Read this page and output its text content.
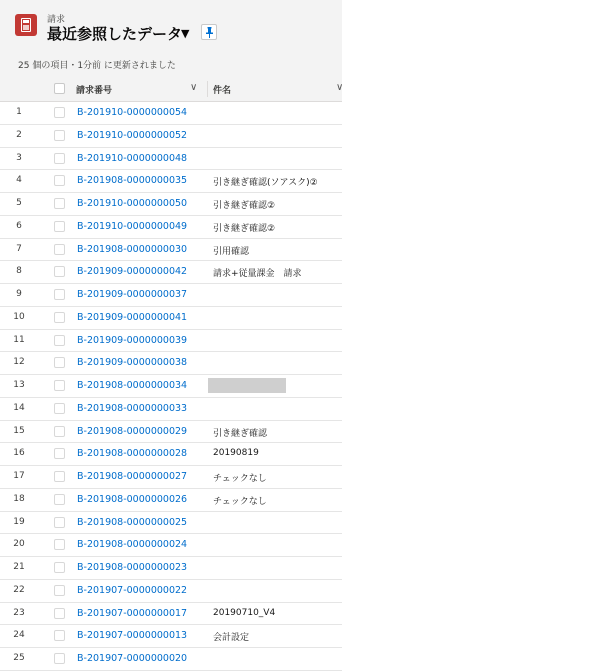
請求
最近参照したデータ
▼
25 個の項目・1分前 に更新されました
請求番号	∨ 件名	∨
1	B-201910-0000000054
2	B-201910-0000000052
3	B-201910-0000000048
4	B-201908-0000000035	引き継ぎ確認(ソアスク)②
5	B-201910-0000000050	引き継ぎ確認②
6	B-201910-0000000049	引き継ぎ確認②
7	B-201908-0000000030	引用確認
8	B-201909-0000000042	請求+従量課金　請求
9	B-201909-0000000037
10	B-201909-0000000041
11	B-201909-0000000039
12	B-201909-0000000038
13	B-201908-0000000034
14	B-201908-0000000033
15	B-201908-0000000029	引き継ぎ確認
16	B-201908-0000000028	20190819
17	B-201908-0000000027	チェックなし
18	B-201908-0000000026	チェックなし
19	B-201908-0000000025
20	B-201908-0000000024
21	B-201908-0000000023
22	B-201907-0000000022
23	B-201907-0000000017	20190710_V4
24	B-201907-0000000013	会計設定
25	B-201907-0000000020
